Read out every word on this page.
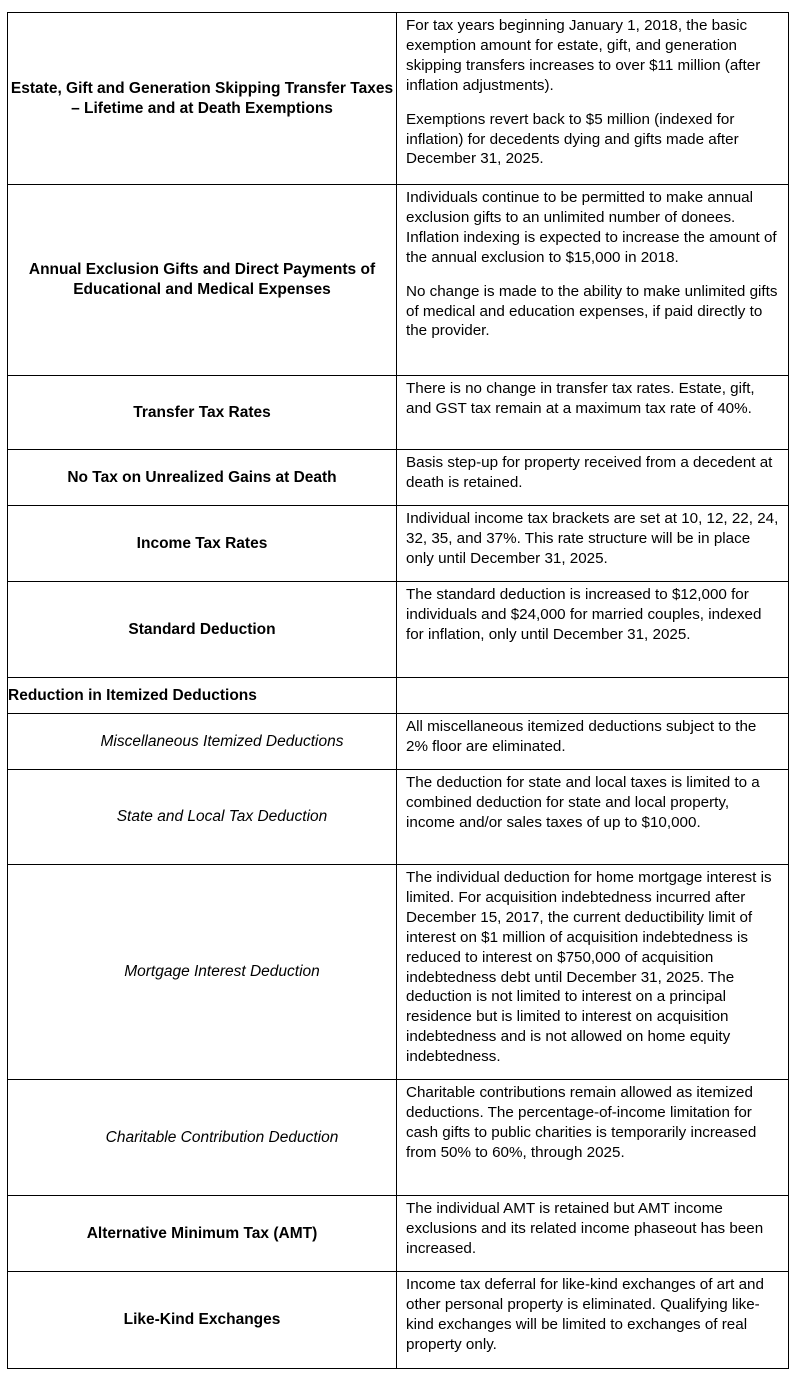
Estate, Gift and Generation Skipping Transfer Taxes – Lifetime and at Death Exemptions	For tax years beginning January 1, 2018, the basic exemption amount for estate, gift, and generation skipping transfers increases to over $11 million (after inflation adjustments).
Exemptions revert back to $5 million (indexed for inflation) for decedents dying and gifts made after December 31, 2025.

Annual Exclusion Gifts and Direct Payments of Educational and Medical Expenses	Individuals continue to be permitted to make annual exclusion gifts to an unlimited number of donees. Inflation indexing is expected to increase the amount of the annual exclusion to $15,000 in 2018.
No change is made to the ability to make unlimited gifts of medical and education expenses, if paid directly to the provider.

Transfer Tax Rates	There is no change in transfer tax rates. Estate, gift, and GST tax remain at a maximum tax rate of 40%.

No Tax on Unrealized Gains at Death	Basis step-up for property received from a decedent at death is retained.

Income Tax Rates	Individual income tax brackets are set at 10, 12, 22, 24, 32, 35, and 37%. This rate structure will be in place only until December 31, 2025.

Standard Deduction	The standard deduction is increased to $12,000 for individuals and $24,000 for married couples, indexed for inflation, only until December 31, 2025.

Reduction in Itemized Deductions	

Miscellaneous Itemized Deductions	All miscellaneous itemized deductions subject to the 2% floor are eliminated.

State and Local Tax Deduction	The deduction for state and local taxes is limited to a combined deduction for state and local property, income and/or sales taxes of up to $10,000.

Mortgage Interest Deduction	The individual deduction for home mortgage interest is limited. For acquisition indebtedness incurred after December 15, 2017, the current deductibility limit of interest on $1 million of acquisition indebtedness is reduced to interest on $750,000 of acquisition indebtedness debt until December 31, 2025. The deduction is not limited to interest on a principal residence but is limited to interest on acquisition indebtedness and is not allowed on home equity indebtedness.

Charitable Contribution Deduction	Charitable contributions remain allowed as itemized deductions. The percentage-of-income limitation for cash gifts to public charities is temporarily increased from 50% to 60%, through 2025.

Alternative Minimum Tax (AMT)	The individual AMT is retained but AMT income exclusions and its related income phaseout has been increased.

Like-Kind Exchanges	Income tax deferral for like-kind exchanges of art and other personal property is eliminated. Qualifying like-kind exchanges will be limited to exchanges of real property only.
